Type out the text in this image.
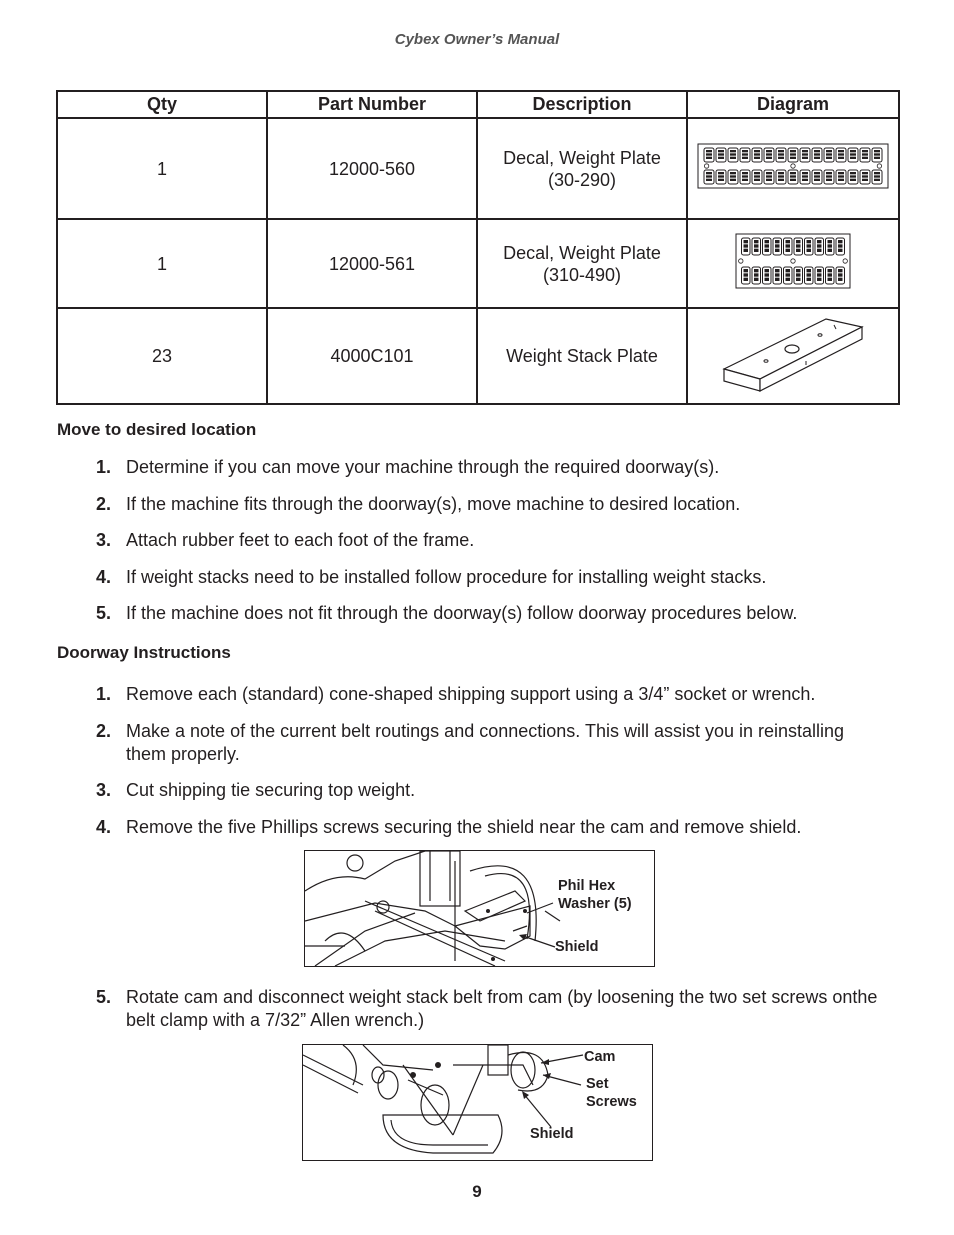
Cybex Owner’s Manual
Qty	Part Number	Description	Diagram
1	12000-560	Decal, Weight Plate
(30-290)

1	12000-561	Decal, Weight Plate
(310-490)

23	4000C101	Weight Stack Plate

Move to desired location
1. Determine if you can move your machine through the required doorway(s).
2. If the machine fits through the doorway(s), move machine to desired location.
3. Attach rubber feet to each foot of the frame.
4. If weight stacks need to be installed follow procedure for installing weight stacks.
5. If the machine does not fit through the doorway(s) follow doorway procedures below.
Doorway Instructions
1. Remove each (standard) cone-shaped shipping support using a 3/4” socket or wrench.
2. Make a note of the current belt routings and connections. This will assist you in reinstalling them properly.
3. Cut shipping tie securing top weight.
4. Remove the five Phillips screws securing the shield near the cam and remove shield.
Phil Hex
Washer (5)
Shield
5. Rotate cam and disconnect weight stack belt from cam (by loosening the two set screws onthe belt clamp with a 7/32” Allen wrench.)
Cam
Set
Screws
Shield
9
